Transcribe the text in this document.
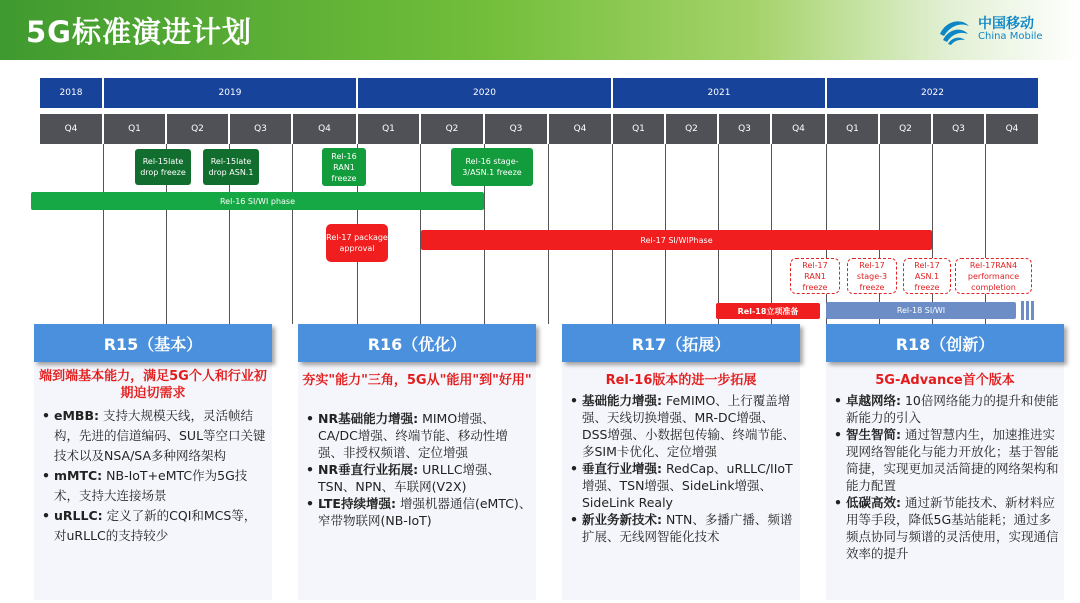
5G标准演进计划	中国移动
China Mobile
2018	2019	2020	2021	2022
Q4	Q1	Q2	Q3	Q4	Q1	Q2	Q3	Q4	Q1	Q2	Q3	Q4	Q1	Q2	Q3	Q4
Rel-15late drop freeze
Rel-15late drop ASN.1
Rel-16 RAN1 freeze
Rel-16 stage-3/ASN.1 freeze
Rel-16 SI/WI phase
Rel-17 package approval
Rel-17 SI/WIPhase
Rel-17 RAN1 freeze
Rel-17 stage-3 freeze
Rel-17 ASN.1 freeze
Rel-17RAN4 performance completion
Rel-18立项准备	Rel-18 SI/WI
R15（基本）
端到端基本能力，满足5G个人和行业初期迫切需求
• eMBB: 支持大规模天线，灵活帧结构，先进的信道编码、SUL等空口关键技术以及NSA/SA多种网络架构
• mMTC: NB-IoT+eMTC作为5G技术，支持大连接场景
• uRLLC: 定义了新的CQI和MCS等，对uRLLC的支持较少
R16（优化）
夯实"能力"三角，5G从"能用"到"好用"
• NR基础能力增强: MIMO增强、CA/DC增强、终端节能、移动性增强、非授权频谱、定位增强
• NR垂直行业拓展: URLLC增强、TSN、NPN、车联网(V2X)
• LTE持续增强: 增强机器通信(eMTC)、窄带物联网(NB-IoT)
R17（拓展）
Rel-16版本的进一步拓展
• 基础能力增强: FeMIMO、上行覆盖增强、天线切换增强、MR-DC增强、DSS增强、小数据包传输、终端节能、多SIM卡优化、定位增强
• 垂直行业增强: RedCap、uRLLC/IIoT增强、TSN增强、SideLink增强、SideLink Realy
• 新业务新技术: NTN、多播广播、频谱扩展、无线网智能化技术
R18（创新）
5G-Advance首个版本
• 卓越网络: 10倍网络能力的提升和使能新能力的引入
• 智生智简: 通过智慧内生，加速推进实现网络智能化与能力开放化；基于智能简捷，实现更加灵活简捷的网络架构和能力配置
• 低碳高效: 通过新节能技术、新材料应用等手段，降低5G基站能耗；通过多频点协同与频谱的灵活使用，实现通信效率的提升
